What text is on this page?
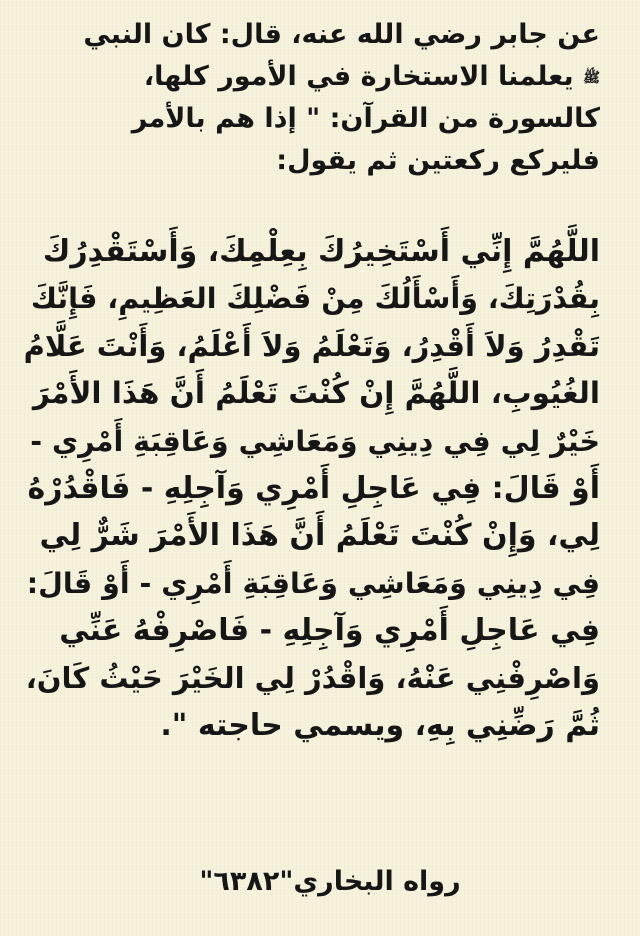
عن جابر رضي الله عنه، قال: كان النبي
ﷺ يعلمنا الاستخارة في الأمور كلها،
كالسورة من القرآن: " إذا هم بالأمر
فليركع ركعتين ثم يقول:
اللَّهُمَّ إِنِّي أَسْتَخِيرُكَ بِعِلْمِكَ، وَأَسْتَقْدِرُكَ
بِقُدْرَتِكَ، وَأَسْأَلُكَ مِنْ فَضْلِكَ العَظِيمِ، فَإِنَّكَ
تَقْدِرُ وَلاَ أَقْدِرُ، وَتَعْلَمُ وَلاَ أَعْلَمُ، وَأَنْتَ عَلَّامُ
الغُيُوبِ، اللَّهُمَّ إِنْ كُنْتَ تَعْلَمُ أَنَّ هَذَا الأَمْرَ
خَيْرٌ لِي فِي دِينِي وَمَعَاشِي وَعَاقِبَةِ أَمْرِي -
أَوْ قَالَ: فِي عَاجِلِ أَمْرِي وَآجِلِهِ - فَاقْدُرْهُ
لِي، وَإِنْ كُنْتَ تَعْلَمُ أَنَّ هَذَا الأَمْرَ شَرٌّ لِي
فِي دِينِي وَمَعَاشِي وَعَاقِبَةِ أَمْرِي - أَوْ قَالَ:
فِي عَاجِلِ أَمْرِي وَآجِلِهِ - فَاصْرِفْهُ عَنِّي
وَاصْرِفْنِي عَنْهُ، وَاقْدُرْ لِي الخَيْرَ حَيْثُ كَانَ،
ثُمَّ رَضِّنِي بِهِ، ويسمي حاجته ".
رواه البخاري"٦٣٨٢"
